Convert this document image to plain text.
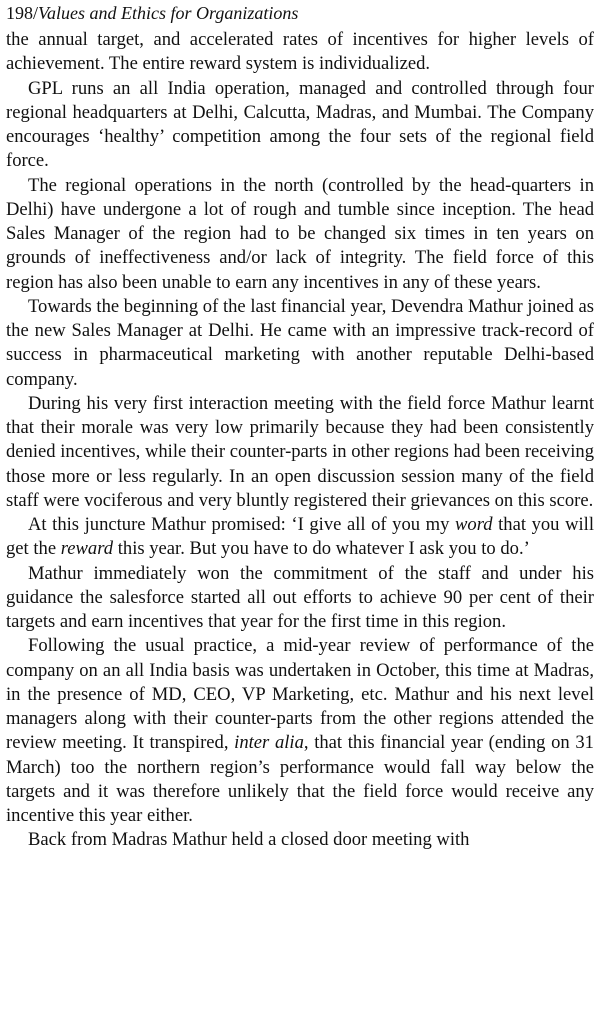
198/Values and Ethics for Organizations

the annual target, and accelerated rates of incentives for higher levels of achievement. The entire reward system is individualized.

GPL runs an all India operation, managed and controlled through four regional headquarters at Delhi, Calcutta, Madras, and Mumbai. The Company encourages ‘healthy’ competition among the four sets of the regional field force.

The regional operations in the north (controlled by the head-quarters in Delhi) have undergone a lot of rough and tumble since inception. The head Sales Manager of the region had to be changed six times in ten years on grounds of ineffectiveness and/or lack of integrity. The field force of this region has also been unable to earn any incentives in any of these years.

Towards the beginning of the last financial year, Devendra Mathur joined as the new Sales Manager at Delhi. He came with an impressive track-record of success in pharmaceutical marketing with another reputable Delhi-based company.

During his very first interaction meeting with the field force Mathur learnt that their morale was very low primarily because they had been consistently denied incentives, while their counter-parts in other regions had been receiving those more or less regularly. In an open discussion session many of the field staff were vociferous and very bluntly registered their grievances on this score.

At this juncture Mathur promised: ‘I give all of you my word that you will get the reward this year. But you have to do whatever I ask you to do.’

Mathur immediately won the commitment of the staff and under his guidance the salesforce started all out efforts to achieve 90 per cent of their targets and earn incentives that year for the first time in this region.

Following the usual practice, a mid-year review of performance of the company on an all India basis was undertaken in October, this time at Madras, in the presence of MD, CEO, VP Marketing, etc. Mathur and his next level managers along with their counter-parts from the other regions attended the review meeting. It transpired, inter alia, that this financial year (ending on 31 March) too the northern region’s performance would fall way below the targets and it was therefore unlikely that the field force would receive any incentive this year either.

Back from Madras Mathur held a closed door meeting with
